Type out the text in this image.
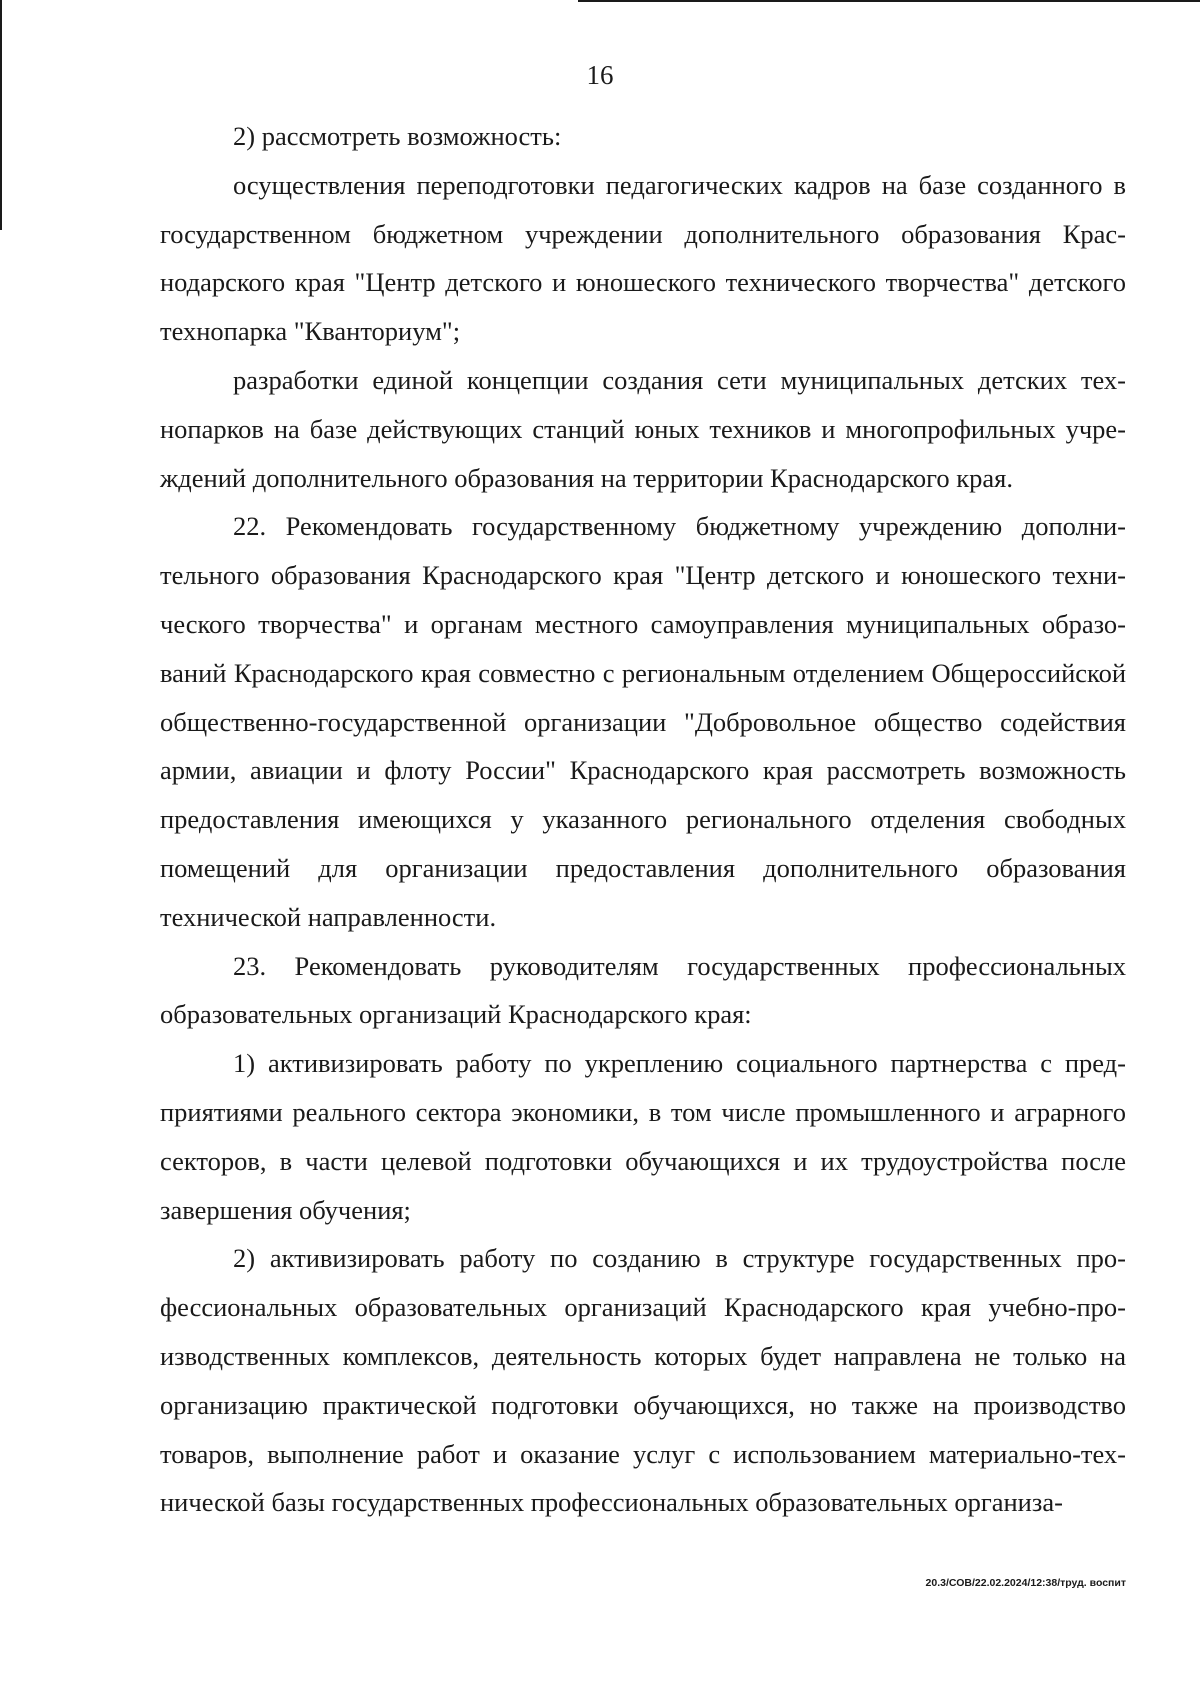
16

2) рассмотреть возможность:

осуществления переподготовки педагогических кадров на базе созданного в государственном бюджетном учреждении дополнительного образования Краснодарского края "Центр детского и юношеского технического творчества" детского технопарка "Кванториум";

разработки единой концепции создания сети муниципальных детских технопарков на базе действующих станций юных техников и многопрофильных учреждений дополнительного образования на территории Краснодарского края.

22. Рекомендовать государственному бюджетному учреждению дополнительного образования Краснодарского края "Центр детского и юношеского технического творчества" и органам местного самоуправления муниципальных образований Краснодарского края совместно с региональным отделением Общероссийской общественно-государственной организации "Добровольное общество содействия армии, авиации и флоту России" Краснодарского края рассмотреть возможность предоставления имеющихся у указанного регионального отделения свободных помещений для организации предоставления дополнительного образования технической направленности.

23. Рекомендовать руководителям государственных профессиональных образовательных организаций Краснодарского края:

1) активизировать работу по укреплению социального партнерства с предприятиями реального сектора экономики, в том числе промышленного и аграрного секторов, в части целевой подготовки обучающихся и их трудоустройства после завершения обучения;

2) активизировать работу по созданию в структуре государственных профессиональных образовательных организаций Краснодарского края учебно-производственных комплексов, деятельность которых будет направлена не только на организацию практической подготовки обучающихся, но также на производство товаров, выполнение работ и оказание услуг с использованием материально-технической базы государственных профессиональных образовательных организа-

20.3/СОВ/22.02.2024/12:38/труд. воспит
